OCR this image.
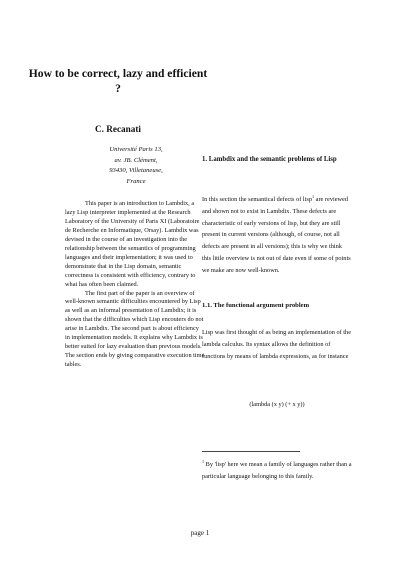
How to be correct, lazy and efficient ?
C. Recanati
Université Paris 13,
av. JB. Clément,
93430, Villetaneuse,
France

This paper is an introduction to Lambdix, a lazy Lisp interpreter implemented at the Research Laboratory of the University of Paris XI (Laboratoire de Recherche en Informatique, Orsay). Lambdix was devised in the course of an investigation into the relationship between the semantics of programming languages and their implementation; it was used to demonstrate that in the Lisp domain, semantic correctness is consistent with efficiency, contrary to what has often been claimed.

The first part of the paper is an overview of well-known semantic difficulties encountered by Lisp as well as an informal presentation of Lambdix; it is shown that the difficulties which Lisp encouters do not arise in Lambdix. The second part is about efficiency in implementation models. It explains why Lambdix is better suited for lazy evaluation than previous models. The section ends by giving comparative execution time tables.

1. Lambdix and the semantic problems of Lisp
In this section the semantical defects of lisp$^1$ are reviewed and shown not to exist in Lambdix. These defects are characteristic of early versions of lisp, but they are still present in current versions (although, of course, not all defects are present in all versions); this is why we think this little overview is not out of date even if some of points we make are now well-known.
1.1. The functional argument problem
Lisp was first thought of as being an implementation of the lambda calculus. Its syntax allows the definition of functions by means of lambda expressions, as for instance
(lambda (x y) (+ x y))
$^1$ By 'lisp' here we mean a family of languages rather than a particular language belonging to this family.
page 1
